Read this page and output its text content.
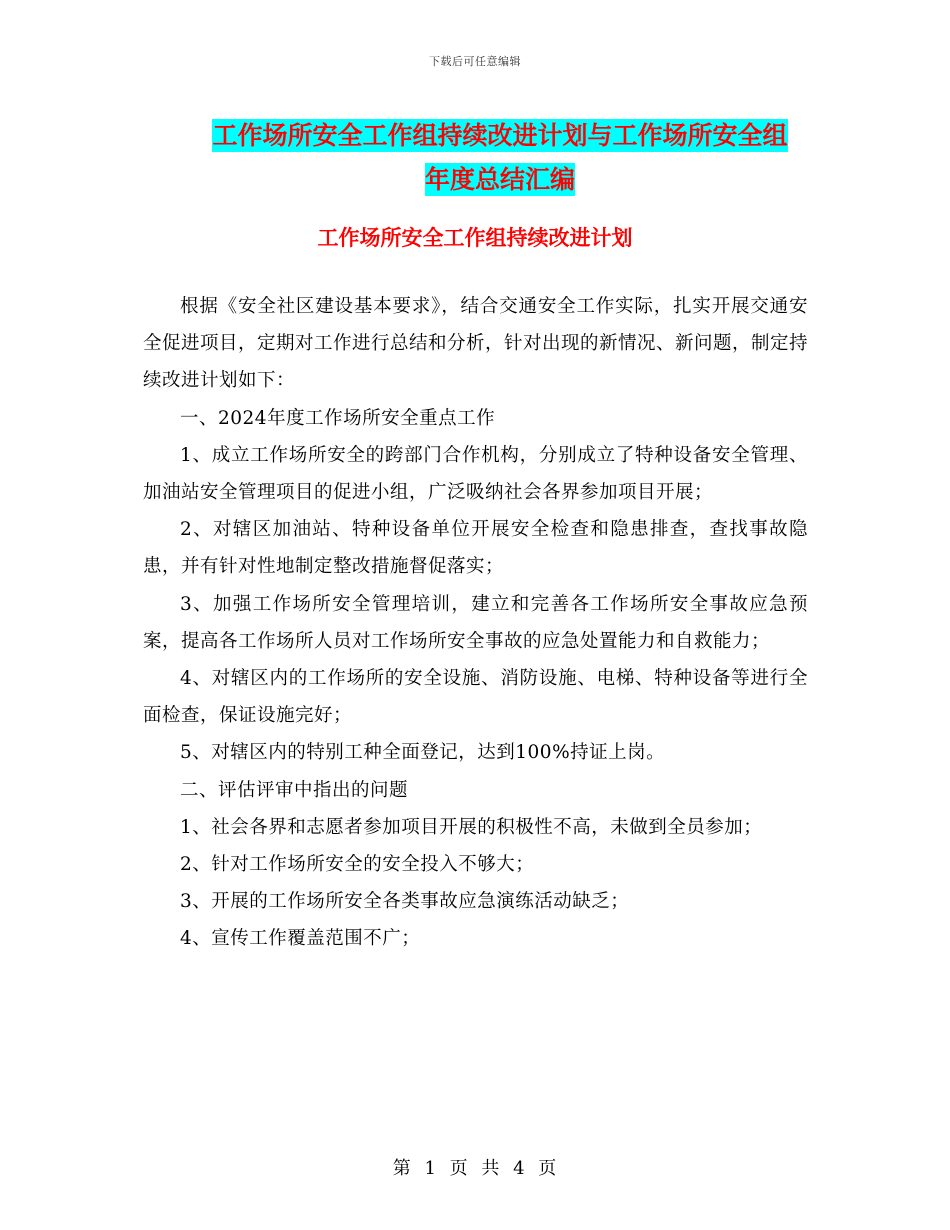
下载后可任意编辑
工作场所安全工作组持续改进计划与工作场所安全组
年度总结汇编
工作场所安全工作组持续改进计划

根据《安全社区建设基本要求》，结合交通安全工作实际，扎实开展交通安全促进项目，定期对工作进行总结和分析，针对出现的新情况、新问题，制定持续改进计划如下：

一、2024年度工作场所安全重点工作

1、成立工作场所安全的跨部门合作机构，分别成立了特种设备安全管理、加油站安全管理项目的促进小组，广泛吸纳社会各界参加项目开展；

2、对辖区加油站、特种设备单位开展安全检查和隐患排查，查找事故隐患，并有针对性地制定整改措施督促落实；

3、加强工作场所安全管理培训，建立和完善各工作场所安全事故应急预案，提高各工作场所人员对工作场所安全事故的应急处置能力和自救能力；

4、对辖区内的工作场所的安全设施、消防设施、电梯、特种设备等进行全面检查，保证设施完好；

5、对辖区内的特别工种全面登记，达到100%持证上岗。

二、评估评审中指出的问题

1、社会各界和志愿者参加项目开展的积极性不高，未做到全员参加；

2、针对工作场所安全的安全投入不够大；

3、开展的工作场所安全各类事故应急演练活动缺乏；

4、宣传工作覆盖范围不广；

第 1 页 共 4 页
